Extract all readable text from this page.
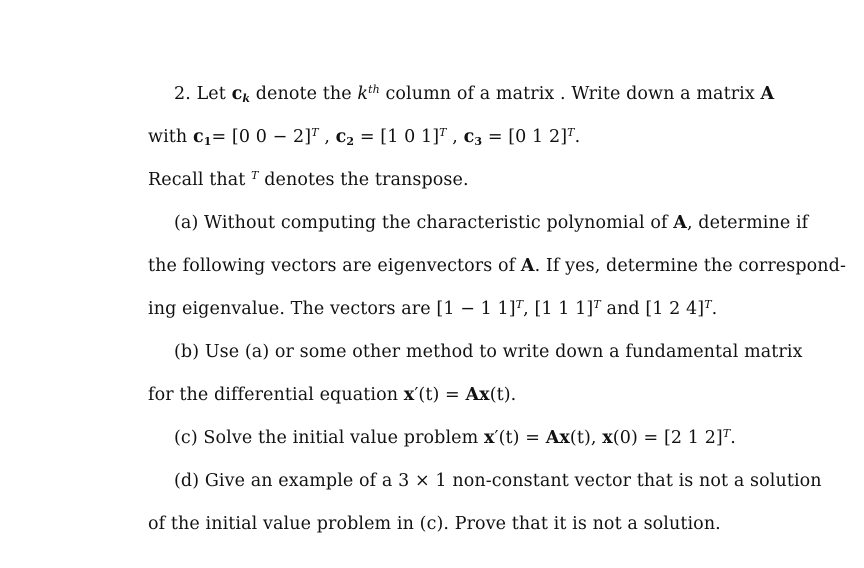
2. Let $c_k$ denote the $k^{th}$ column of a matrix . Write down a matrix A
with $c_1= [0$ 0 − 2]$^T$ , $c_2 = [1$ 0 1]$^T$ , $c_3 = [0$ 1 2]$^T$.
Recall that $^T$ denotes the transpose.
(a) Without computing the characteristic polynomial of A, determine if
the following vectors are eigenvectors of A. If yes, determine the correspond-
ing eigenvalue. The vectors are [1 − 1 1]$^T$, [1 1 1]$^T$ and [1 2 4]$^T$.
(b) Use (a) or some other method to write down a fundamental matrix
for the differential equation x′(t) = Ax(t).
(c) Solve the initial value problem x′(t) = Ax(t), x(0) = [2 1 2]$^T$.
(d) Give an example of a 3 × 1 non-constant vector that is not a solution
of the initial value problem in (c). Prove that it is not a solution.
